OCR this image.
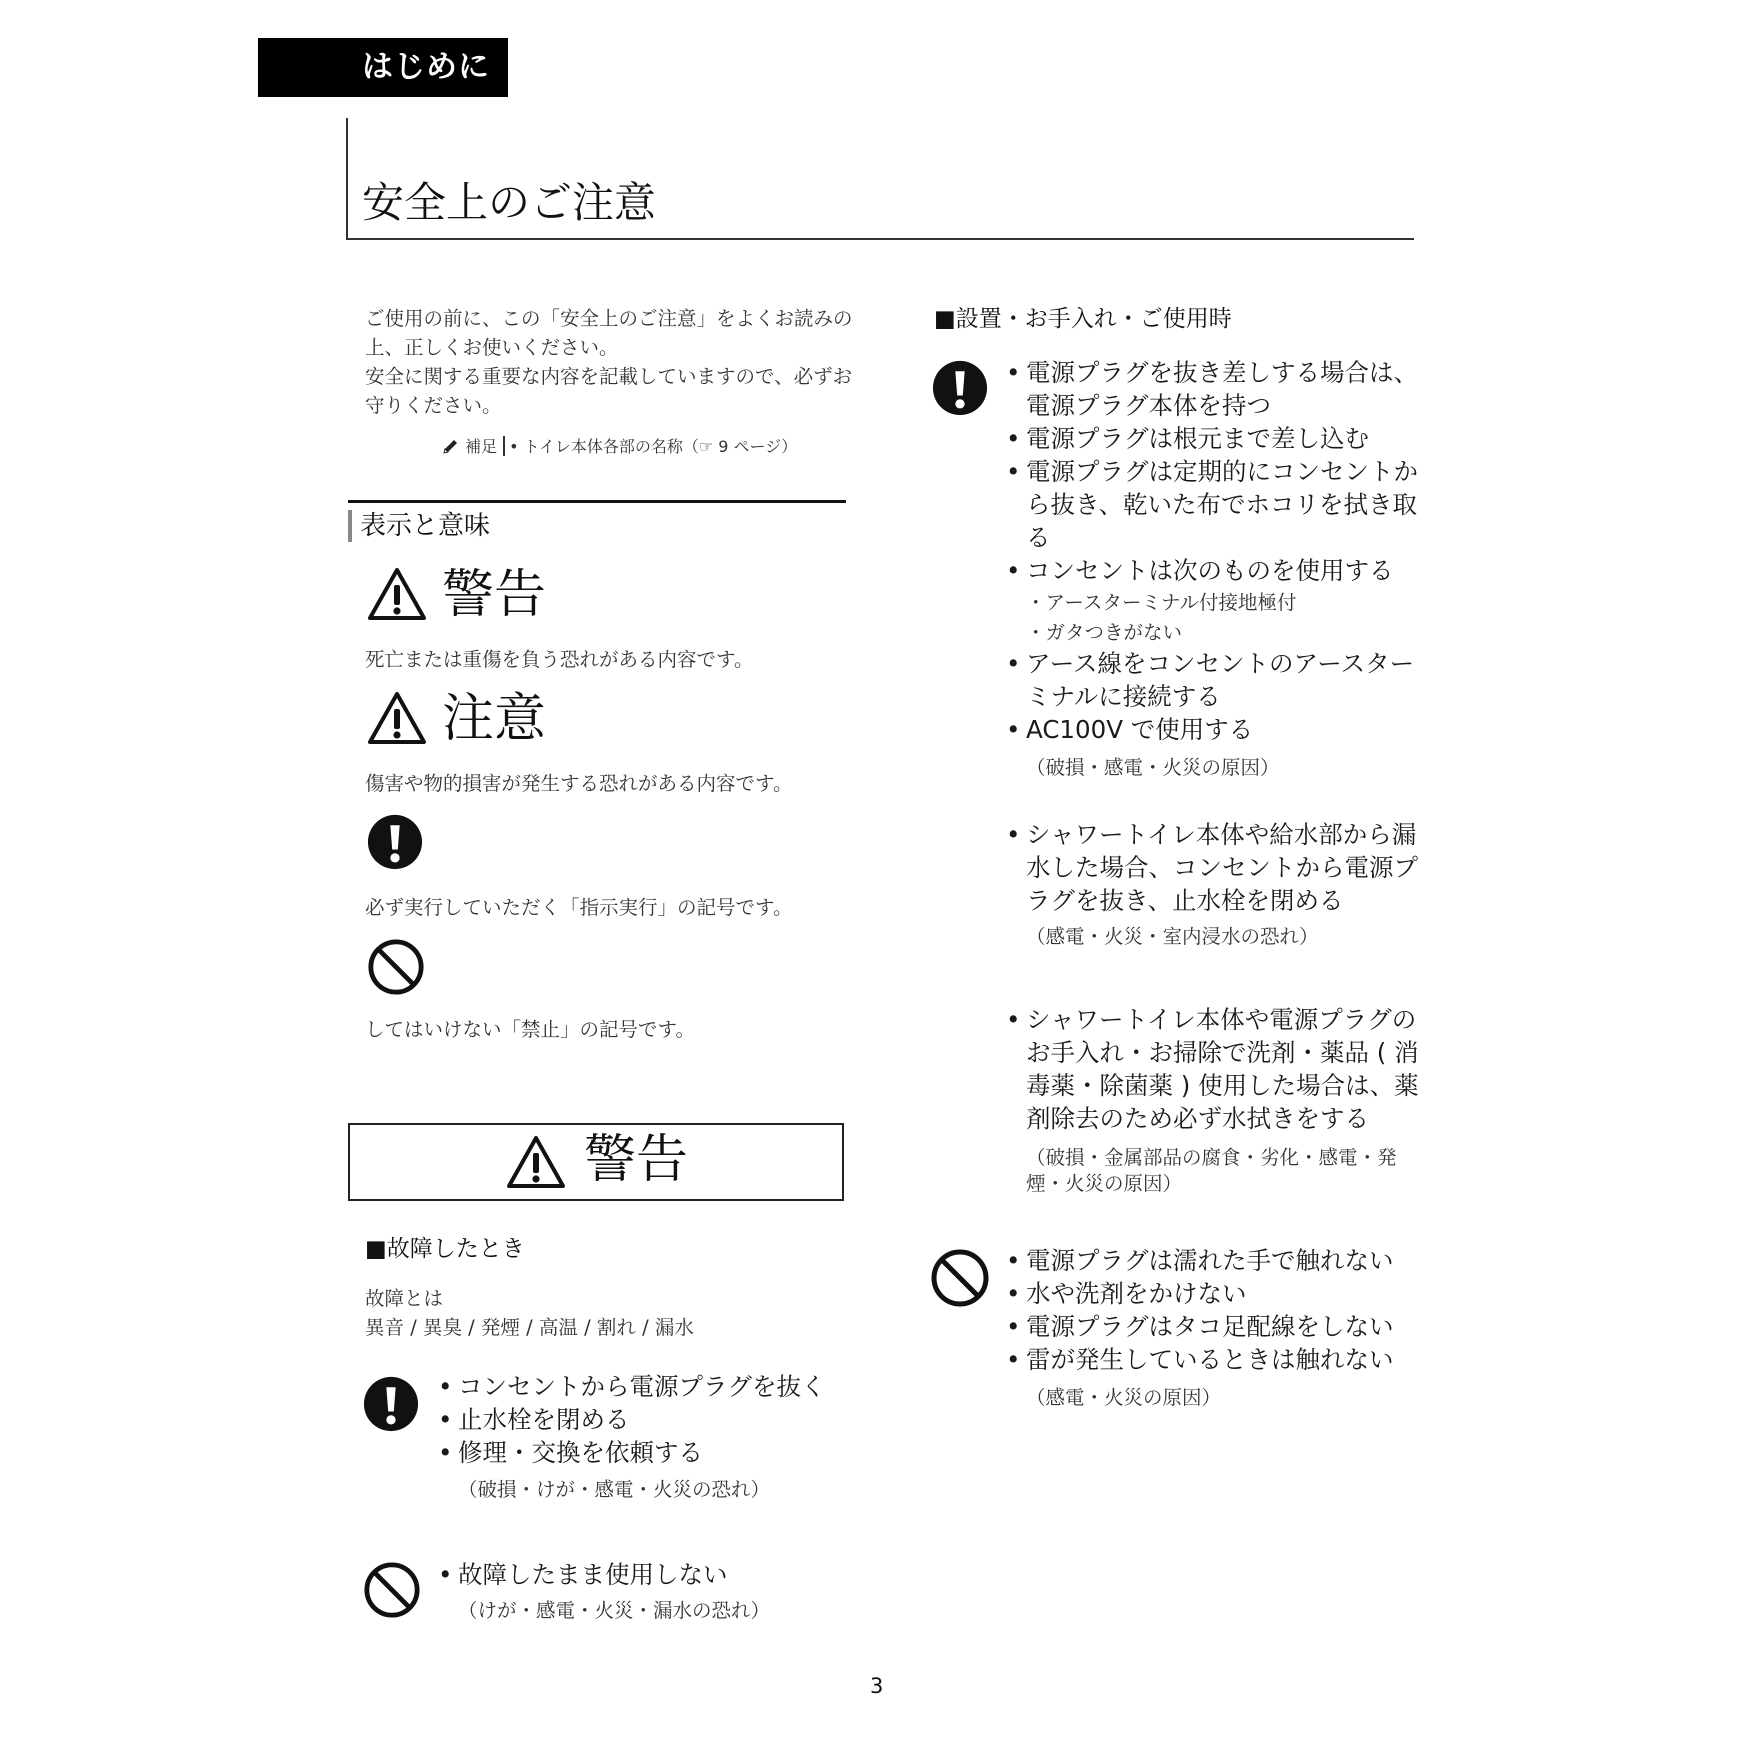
はじめに
安全上のご注意

ご使用の前に、この「安全上のご注意」をよくお読みの上、正しくお使いください。

安全に関する重要な内容を記載していますので、必ずお守りください。

補足 • トイレ本体各部の名称（☞ 9 ページ）
表示と意味
警告
死亡または重傷を負う恐れがある内容です。
注意
傷害や物的損害が発生する恐れがある内容です。
必ず実行していただく「指示実行」の記号です。
してはいけない「禁止」の記号です。
警告
■故障したとき
故障とは
異音 / 異臭 / 発煙 / 高温 / 割れ / 漏水
• コンセントから電源プラグを抜く
• 止水栓を閉める
• 修理・交換を依頼する
（破損・けが・感電・火災の恐れ）
• 故障したまま使用しない
（けが・感電・火災・漏水の恐れ）
■設置・お手入れ・ご使用時
• 電源プラグを抜き差しする場合は、電源プラグ本体を持つ
• 電源プラグは根元まで差し込む
• 電源プラグは定期的にコンセントから抜き、乾いた布でホコリを拭き取る
• コンセントは次のものを使用する
・アースターミナル付接地極付
・ガタつきがない
• アース線をコンセントのアースターミナルに接続する
• AC100V で使用する
（破損・感電・火災の原因）
• シャワートイレ本体や給水部から漏水した場合、コンセントから電源プラグを抜き、止水栓を閉める
（感電・火災・室内浸水の恐れ）
• シャワートイレ本体や電源プラグのお手入れ・お掃除で洗剤・薬品 ( 消毒薬・除菌薬 ) 使用した場合は、薬剤除去のため必ず水拭きをする
（破損・金属部品の腐食・劣化・感電・発煙・火災の原因）
• 電源プラグは濡れた手で触れない
• 水や洗剤をかけない
• 電源プラグはタコ足配線をしない
• 雷が発生しているときは触れない
（感電・火災の原因）
3
